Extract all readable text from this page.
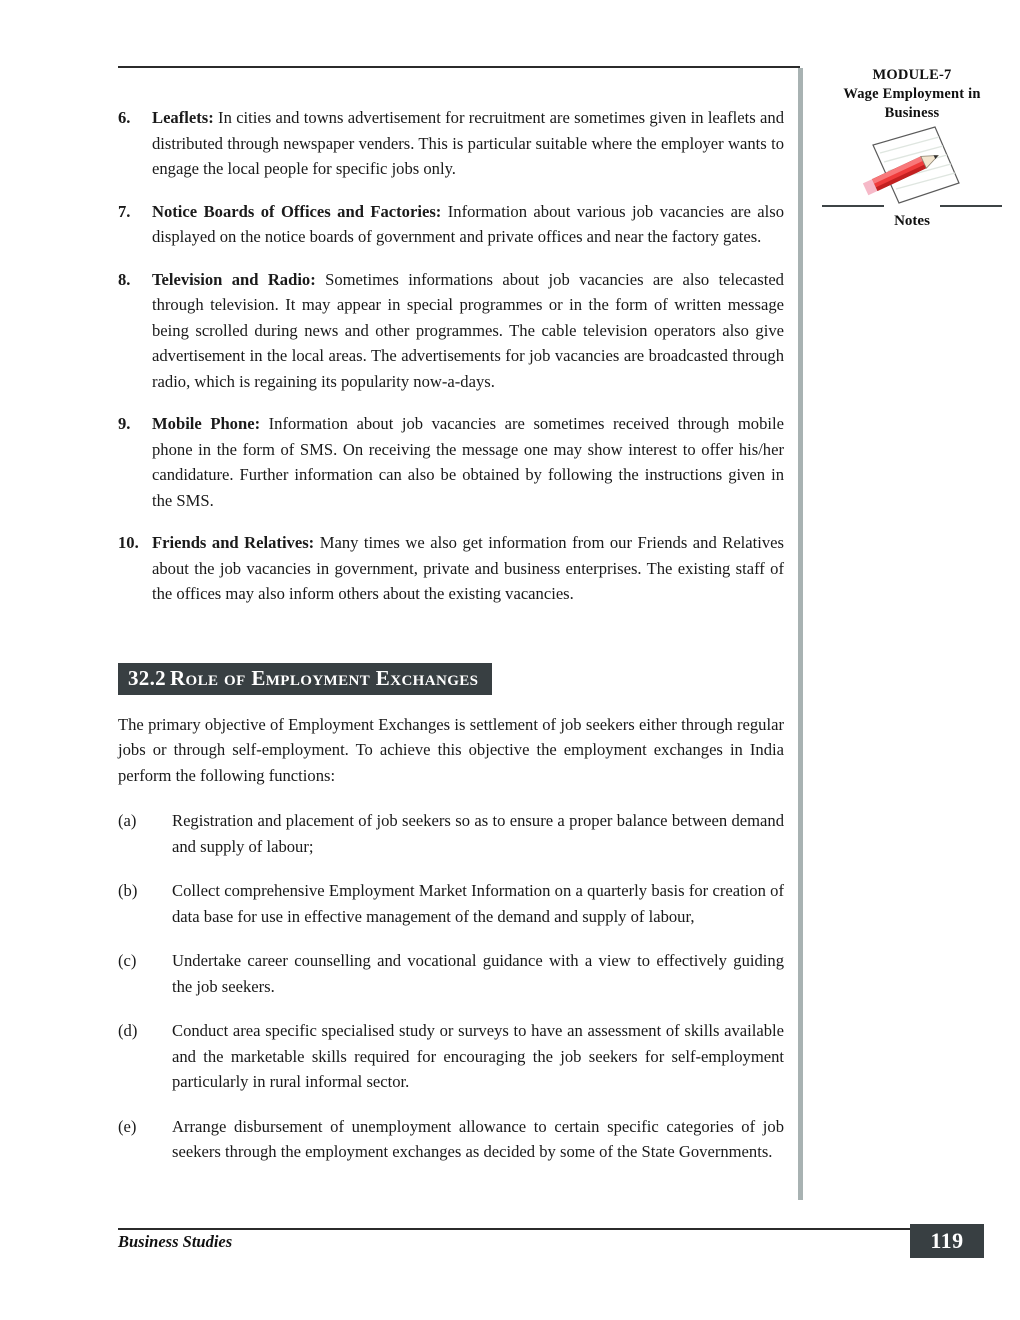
MODULE-7
Wage Employment in
Business
Notes
6. Leaflets: In cities and towns advertisement for recruitment are sometimes given in leaflets and distributed through newspaper venders. This is particular suitable where the employer wants to engage the local people for specific jobs only.
7. Notice Boards of Offices and Factories: Information about various job vacancies are also displayed on the notice boards of government and private offices and near the factory gates.
8. Television and Radio: Sometimes informations about job vacancies are also telecasted through television. It may appear in special programmes or in the form of written message being scrolled during news and other programmes. The cable television operators also give advertisement in the local areas. The advertisements for job vacancies are broadcasted through radio, which is regaining its popularity now-a-days.
9. Mobile Phone: Information about job vacancies are sometimes received through mobile phone in the form of SMS. On receiving the message one may show interest to offer his/her candidature. Further information can also be obtained by following the instructions given in the SMS.
10. Friends and Relatives: Many times we also get information from our Friends and Relatives about the job vacancies in government, private and business enterprises. The existing staff of the offices may also inform others about the existing vacancies.
32.2 Role of Employment Exchanges
The primary objective of Employment Exchanges is settlement of job seekers either through regular jobs or through self-employment. To achieve this objective the employment exchanges in India perform the following functions:
(a) Registration and placement of job seekers so as to ensure a proper balance between demand and supply of labour;
(b) Collect comprehensive Employment Market Information on a quarterly basis for creation of data base for use in effective management of the demand and supply of labour,
(c) Undertake career counselling and vocational guidance with a view to effectively guiding the job seekers.
(d) Conduct area specific specialised study or surveys to have an assessment of skills available and the marketable skills required for encouraging the job seekers for self-employment particularly in rural informal sector.
(e) Arrange disbursement of unemployment allowance to certain specific categories of job seekers through the employment exchanges as decided by some of the State Governments.
Business Studies	119
